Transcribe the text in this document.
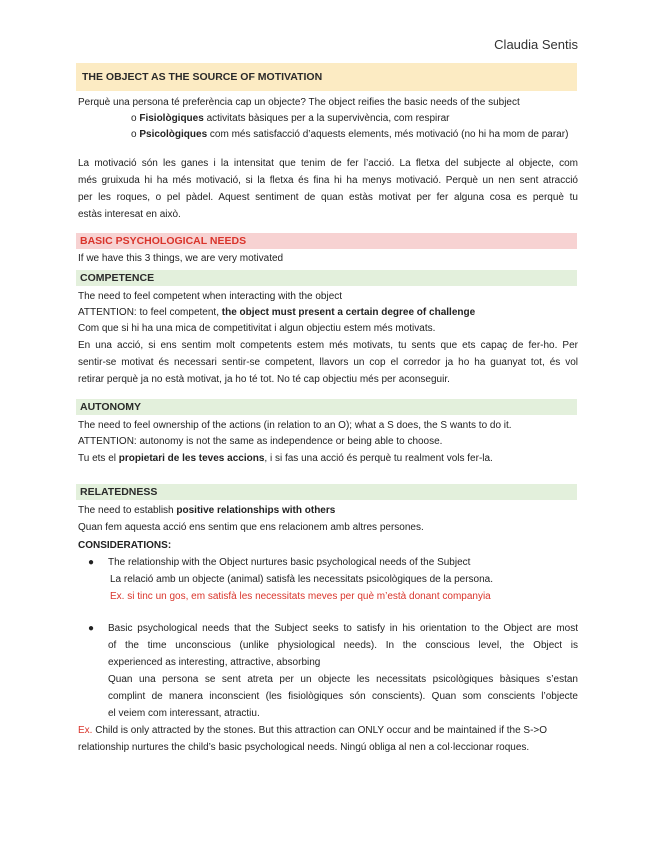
Claudia Sentis
THE OBJECT AS THE SOURCE OF MOTIVATION
Perquè una persona té preferència cap un objecte? The object reifies the basic needs of the subject
o Fisiològiques activitats bàsiques per a la supervivència, com respirar
o Psicològiques com més satisfacció d’aquests elements, més motivació (no hi ha mom de parar)
La motivació són les ganes i la intensitat que tenim de fer l’acció. La fletxa del subjecte al objecte, com
més gruixuda hi ha més motivació, si la fletxa és fina hi ha menys motivació. Perquè un nen sent atracció
per les roques, o pel pàdel. Aquest sentiment de quan estàs motivat per fer alguna cosa es perquè tu
estàs interesat en això.
BASIC PSYCHOLOGICAL NEEDS
If we have this 3 things, we are very motivated
COMPETENCE
The need to feel competent when interacting with the object
ATTENTION: to feel competent, the object must present a certain degree of challenge
Com que si hi ha una mica de competitivitat i algun objectiu estem més motivats.
En una acció, si ens sentim molt competents estem més motivats, tu sents que ets capaç de fer-ho. Per
sentir-se motivat és necessari sentir-se competent, llavors un cop el corredor ja ho ha guanyat tot, és vol
retirar perquè ja no està motivat, ja ho té tot. No té cap objectiu més per aconseguir.
AUTONOMY
The need to feel ownership of the actions (in relation to an O); what a S does, the S wants to do it.
ATTENTION: autonomy is not the same as independence or being able to choose.
Tu ets el propietari de les teves accions, i si fas una acció és perquè tu realment vols fer-la.
RELATEDNESS
The need to establish positive relationships with others
Quan fem aquesta acció ens sentim que ens relacionem amb altres persones.
CONSIDERATIONS:
● The relationship with the Object nurtures basic psychological needs of the Subject
La relació amb un objecte (animal) satisfà les necessitats psicològiques de la persona.
Ex. si tinc un gos, em satisfà les necessitats meves per què m’està donant companyia
● Basic psychological needs that the Subject seeks to satisfy in his orientation to the Object are most
of the time unconscious (unlike physiological needs). In the conscious level, the Object is
experienced as interesting, attractive, absorbing
Quan una persona se sent atreta per un objecte les necessitats psicològiques bàsiques s’estan
complint de manera inconscient (les fisiològiques són conscients). Quan som conscients l’objecte
el veiem com interessant, atractiu.
Ex. Child is only attracted by the stones. But this attraction can ONLY occur and be maintained if the S->O
relationship nurtures the child’s basic psychological needs. Ningú obliga al nen a col·leccionar roques.
